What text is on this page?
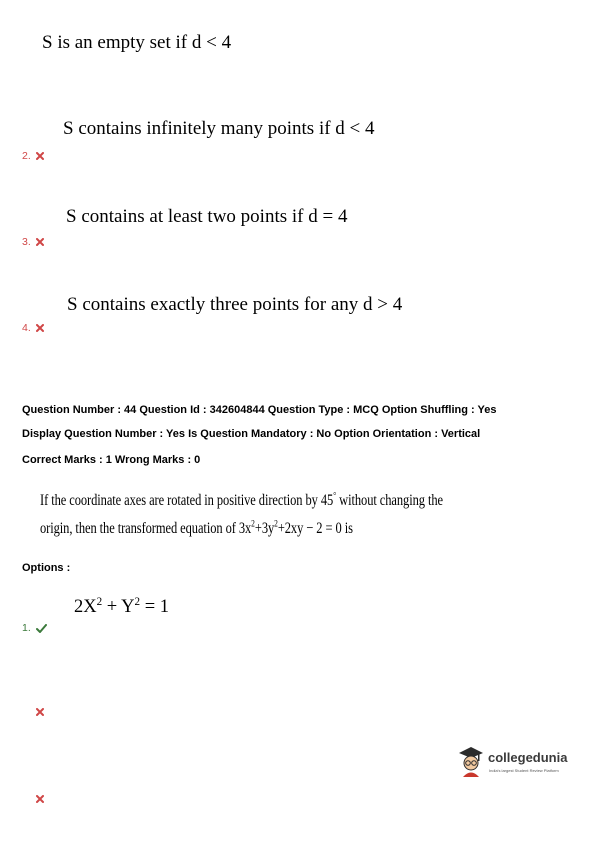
S is an empty set if d < 4
S contains infinitely many points if d < 4
2.
S contains at least two points if d = 4
3.
S contains exactly three points for any d > 4
4.
Question Number : 44 Question Id : 342604844 Question Type : MCQ Option Shuffling : Yes
Display Question Number : Yes Is Question Mandatory : No Option Orientation : Vertical
Correct Marks : 1 Wrong Marks : 0
If the coordinate axes are rotated in positive direction by 45° without changing the
origin, then the transformed equation of $3x^2+3y^2+2xy - 2 = 0$ is
Options :
$2X^2 + Y^2 = 1$
1.
collegedunia
India's largest Student Review Platform
